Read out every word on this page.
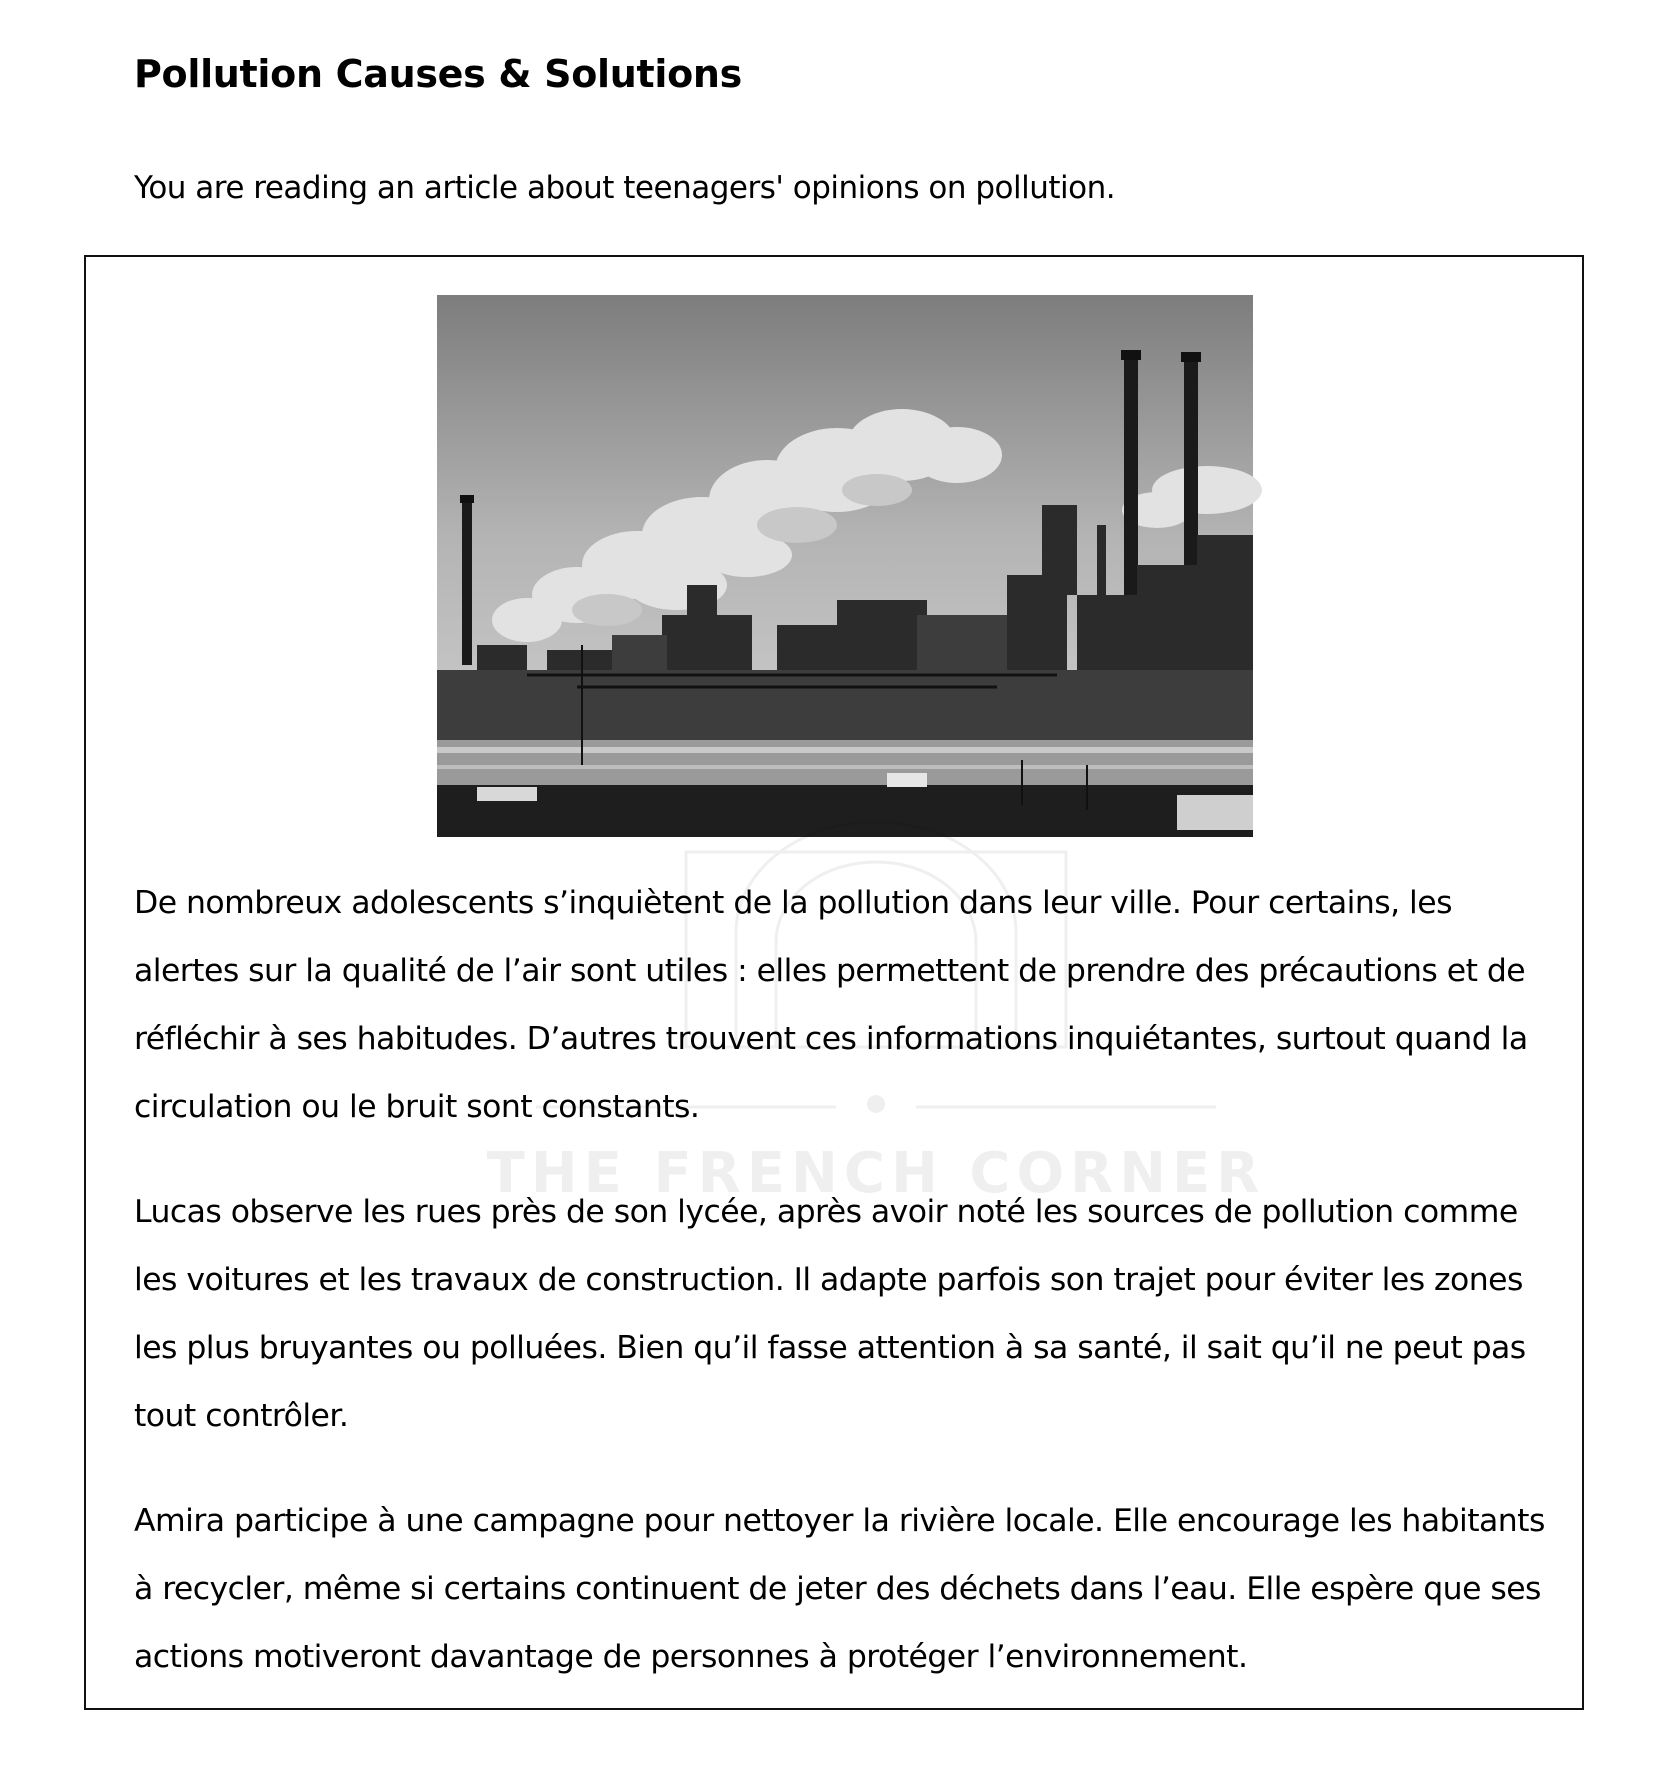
Pollution Causes & Solutions

You are reading an article about teenagers' opinions on pollution.

THE FRENCH CORNER

De nombreux adolescents s’inquiètent de la pollution dans leur ville. Pour certains, les alertes sur la qualité de l’air sont utiles : elles permettent de prendre des précautions et de réfléchir à ses habitudes. D’autres trouvent ces informations inquiétantes, surtout quand la circulation ou le bruit sont constants.

Lucas observe les rues près de son lycée, après avoir noté les sources de pollution comme les voitures et les travaux de construction. Il adapte parfois son trajet pour éviter les zones les plus bruyantes ou polluées. Bien qu’il fasse attention à sa santé, il sait qu’il ne peut pas tout contrôler.

Amira participe à une campagne pour nettoyer la rivière locale. Elle encourage les habitants à recycler, même si certains continuent de jeter des déchets dans l’eau. Elle espère que ses actions motiveront davantage de personnes à protéger l’environnement.
